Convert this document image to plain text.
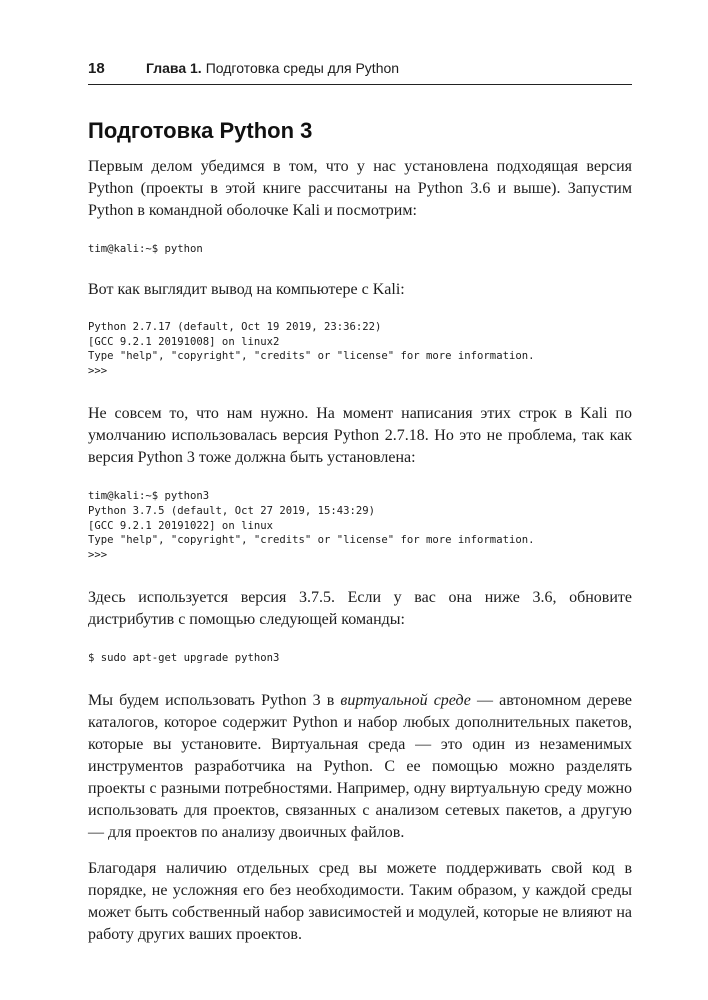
18	Глава 1. Подготовка среды для Python
Подготовка Python 3

Первым делом убедимся в том, что у нас установлена подходящая версия Python (проекты в этой книге рассчитаны на Python 3.6 и выше). Запустим Python в командной оболочке Kali и посмотрим:

tim@kali:~$ python

Вот как выглядит вывод на компьютере с Kali:

Python 2.7.17 (default, Oct 19 2019, 23:36:22)
[GCC 9.2.1 20191008] on linux2
Type "help", "copyright", "credits" or "license" for more information.
>>>

Не совсем то, что нам нужно. На момент написания этих строк в Kali по умолчанию использовалась версия Python 2.7.18. Но это не проблема, так как версия Python 3 тоже должна быть установлена:

tim@kali:~$ python3
Python 3.7.5 (default, Oct 27 2019, 15:43:29)
[GCC 9.2.1 20191022] on linux
Type "help", "copyright", "credits" or "license" for more information.
>>>

Здесь используется версия 3.7.5. Если у вас она ниже 3.6, обновите дистрибутив с помощью следующей команды:

$ sudo apt-get upgrade python3

Мы будем использовать Python 3 в виртуальной среде — автономном дереве каталогов, которое содержит Python и набор любых дополнительных пакетов, которые вы установите. Виртуальная среда — это один из незаменимых инструментов разработчика на Python. С ее помощью можно разделять проекты с разными потребностями. Например, одну виртуальную среду можно использовать для проектов, связанных с анализом сетевых пакетов, а другую — для проектов по анализу двоичных файлов.

Благодаря наличию отдельных сред вы можете поддерживать свой код в порядке, не усложняя его без необходимости. Таким образом, у каждой среды может быть собственный набор зависимостей и модулей, которые не влияют на работу других ваших проектов.
